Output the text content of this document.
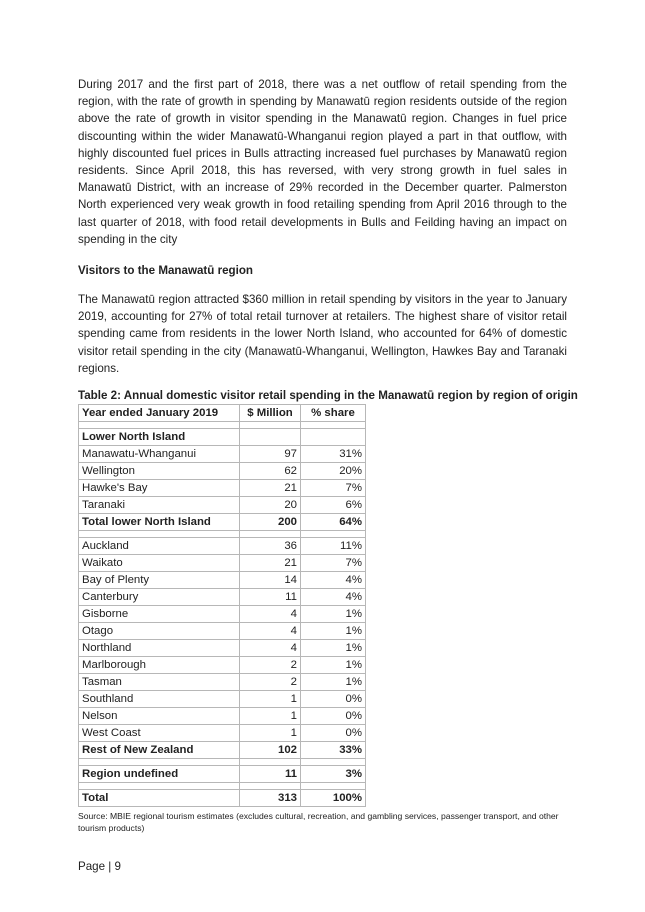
During 2017 and the first part of 2018, there was a net outflow of retail spending from the region, with the rate of growth in spending by Manawatū region residents outside of the region above the rate of growth in visitor spending in the Manawatū region. Changes in fuel price discounting within the wider Manawatū-Whanganui region played a part in that outflow, with highly discounted fuel prices in Bulls attracting increased fuel purchases by Manawatū region residents. Since April 2018, this has reversed, with very strong growth in fuel sales in Manawatū District, with an increase of 29% recorded in the December quarter. Palmerston North experienced very weak growth in food retailing spending from April 2016 through to the last quarter of 2018, with food retail developments in Bulls and Feilding having an impact on spending in the city

Visitors to the Manawatū region

The Manawatū region attracted $360 million in retail spending by visitors in the year to January 2019, accounting for 27% of total retail turnover at retailers. The highest share of visitor retail spending came from residents in the lower North Island, who accounted for 64% of domestic visitor retail spending in the city (Manawatū-Whanganui, Wellington, Hawkes Bay and Taranaki regions.

Table 2: Annual domestic visitor retail spending in the Manawatū region by region of origin
Year ended January 2019	$ Million	% share

Lower North Island		
Manawatu-Whanganui	97	31%
Wellington	62	20%
Hawke's Bay	21	7%
Taranaki	20	6%
Total lower North Island	200	64%

Auckland	36	11%
Waikato	21	7%
Bay of Plenty	14	4%
Canterbury	11	4%
Gisborne	4	1%
Otago	4	1%
Northland	4	1%
Marlborough	2	1%
Tasman	2	1%
Southland	1	0%
Nelson	1	0%
West Coast	1	0%
Rest of New Zealand	102	33%

Region undefined	11	3%

Total	313	100%
Source: MBIE regional tourism estimates (excludes cultural, recreation, and gambling services, passenger transport, and other tourism products)
Page | 9
